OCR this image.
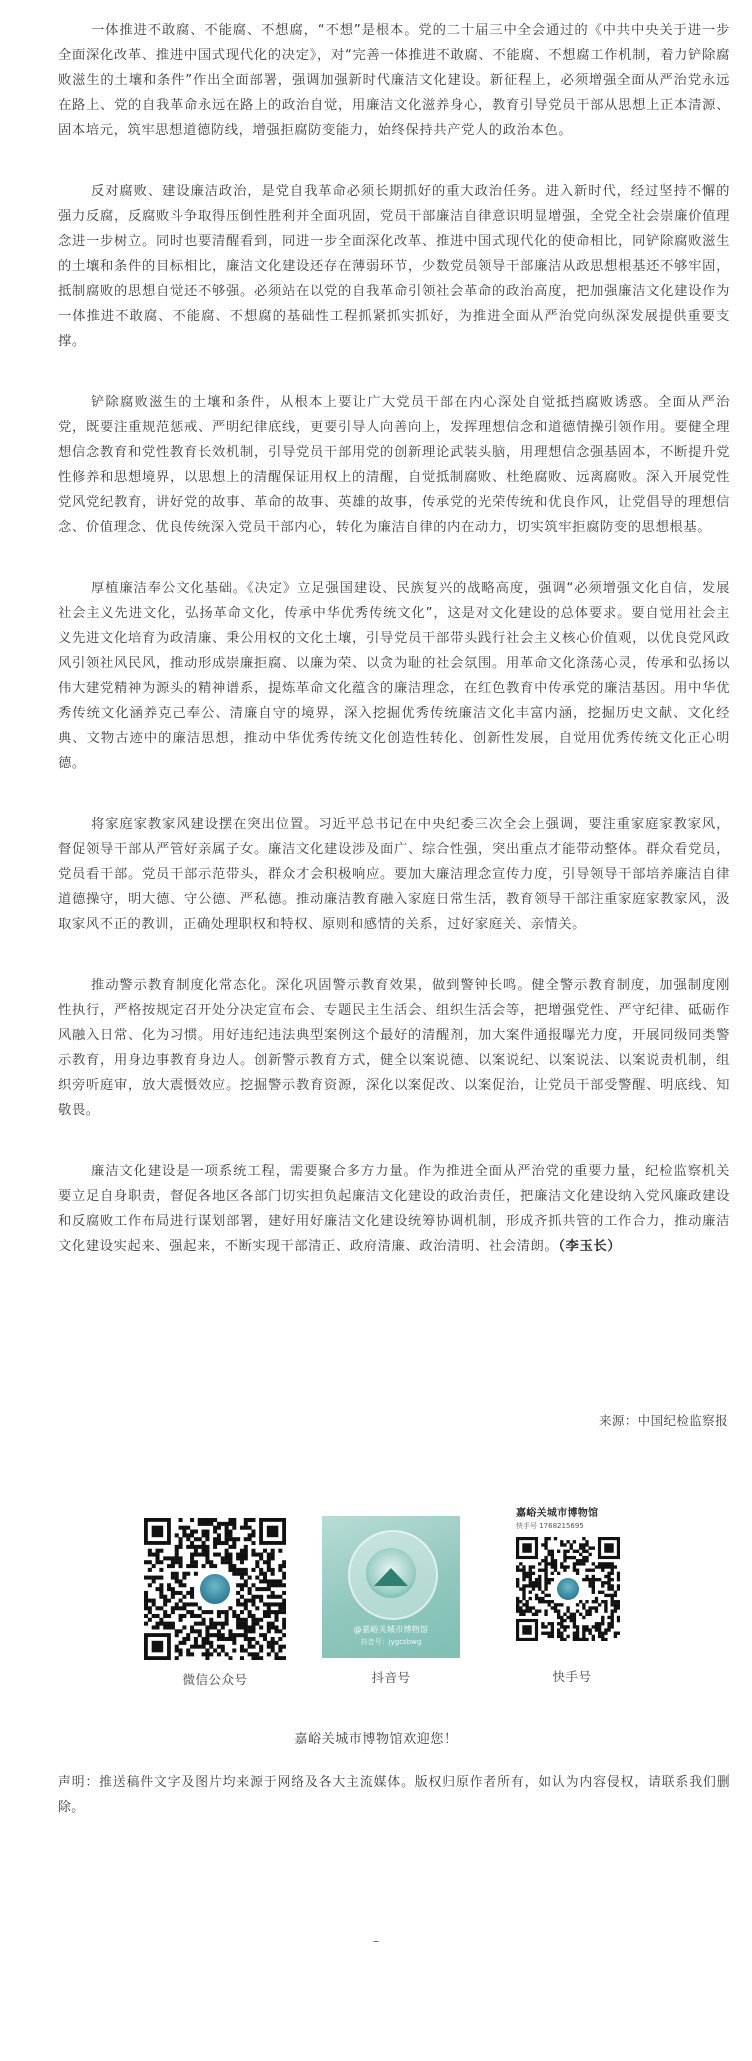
一体推进不敢腐、不能腐、不想腐，“不想”是根本。党的二十届三中全会通过的《中共中央关于进一步全面深化改革、推进中国式现代化的决定》，对“完善一体推进不敢腐、不能腐、不想腐工作机制，着力铲除腐败滋生的土壤和条件”作出全面部署，强调加强新时代廉洁文化建设。新征程上，必须增强全面从严治党永远在路上、党的自我革命永远在路上的政治自觉，用廉洁文化滋养身心，教育引导党员干部从思想上正本清源、固本培元，筑牢思想道德防线，增强拒腐防变能力，始终保持共产党人的政治本色。

反对腐败、建设廉洁政治，是党自我革命必须长期抓好的重大政治任务。进入新时代，经过坚持不懈的强力反腐，反腐败斗争取得压倒性胜利并全面巩固，党员干部廉洁自律意识明显增强，全党全社会崇廉价值理念进一步树立。同时也要清醒看到，同进一步全面深化改革、推进中国式现代化的使命相比，同铲除腐败滋生的土壤和条件的目标相比，廉洁文化建设还存在薄弱环节，少数党员领导干部廉洁从政思想根基还不够牢固，抵制腐败的思想自觉还不够强。必须站在以党的自我革命引领社会革命的政治高度，把加强廉洁文化建设作为一体推进不敢腐、不能腐、不想腐的基础性工程抓紧抓实抓好，为推进全面从严治党向纵深发展提供重要支撑。

铲除腐败滋生的土壤和条件，从根本上要让广大党员干部在内心深处自觉抵挡腐败诱惑。全面从严治党，既要注重规范惩戒、严明纪律底线，更要引导人向善向上，发挥理想信念和道德情操引领作用。要健全理想信念教育和党性教育长效机制，引导党员干部用党的创新理论武装头脑，用理想信念强基固本，不断提升党性修养和思想境界，以思想上的清醒保证用权上的清醒，自觉抵制腐败、杜绝腐败、远离腐败。深入开展党性党风党纪教育，讲好党的故事、革命的故事、英雄的故事，传承党的光荣传统和优良作风，让党倡导的理想信念、价值理念、优良传统深入党员干部内心，转化为廉洁自律的内在动力，切实筑牢拒腐防变的思想根基。

厚植廉洁奉公文化基础。《决定》立足强国建设、民族复兴的战略高度，强调“必须增强文化自信，发展社会主义先进文化，弘扬革命文化，传承中华优秀传统文化”，这是对文化建设的总体要求。要自觉用社会主义先进文化培育为政清廉、秉公用权的文化土壤，引导党员干部带头践行社会主义核心价值观，以优良党风政风引领社风民风，推动形成崇廉拒腐、以廉为荣、以贪为耻的社会氛围。用革命文化涤荡心灵，传承和弘扬以伟大建党精神为源头的精神谱系，提炼革命文化蕴含的廉洁理念，在红色教育中传承党的廉洁基因。用中华优秀传统文化涵养克己奉公、清廉自守的境界，深入挖掘优秀传统廉洁文化丰富内涵，挖掘历史文献、文化经典、文物古迹中的廉洁思想，推动中华优秀传统文化创造性转化、创新性发展，自觉用优秀传统文化正心明德。

将家庭家教家风建设摆在突出位置。习近平总书记在中央纪委三次全会上强调，要注重家庭家教家风，督促领导干部从严管好亲属子女。廉洁文化建设涉及面广、综合性强，突出重点才能带动整体。群众看党员，党员看干部。党员干部示范带头，群众才会积极响应。要加大廉洁理念宣传力度，引导领导干部培养廉洁自律道德操守，明大德、守公德、严私德。推动廉洁教育融入家庭日常生活，教育领导干部注重家庭家教家风，汲取家风不正的教训，正确处理职权和特权、原则和感情的关系，过好家庭关、亲情关。

推动警示教育制度化常态化。深化巩固警示教育效果，做到警钟长鸣。健全警示教育制度，加强制度刚性执行，严格按规定召开处分决定宣布会、专题民主生活会、组织生活会等，把增强党性、严守纪律、砥砺作风融入日常、化为习惯。用好违纪违法典型案例这个最好的清醒剂，加大案件通报曝光力度，开展同级同类警示教育，用身边事教育身边人。创新警示教育方式，健全以案说德、以案说纪、以案说法、以案说责机制，组织旁听庭审，放大震慑效应。挖掘警示教育资源，深化以案促改、以案促治，让党员干部受警醒、明底线、知敬畏。

廉洁文化建设是一项系统工程，需要聚合多方力量。作为推进全面从严治党的重要力量，纪检监察机关要立足自身职责，督促各地区各部门切实担负起廉洁文化建设的政治责任，把廉洁文化建设纳入党风廉政建设和反腐败工作布局进行谋划部署，建好用好廉洁文化建设统筹协调机制，形成齐抓共管的工作合力，推动廉洁文化建设实起来、强起来，不断实现干部清正、政府清廉、政治清明、社会清朗。（李玉长）

来源：中国纪检监察报
微信公众号
@嘉峪关城市博物馆
抖音号：jygcsbwg
抖音号
嘉峪关城市博物馆
快手号 1768215695
快手号
嘉峪关城市博物馆欢迎您！
声明：推送稿件文字及图片均来源于网络及各大主流媒体。版权归原作者所有，如认为内容侵权，请联系我们删除。
–
